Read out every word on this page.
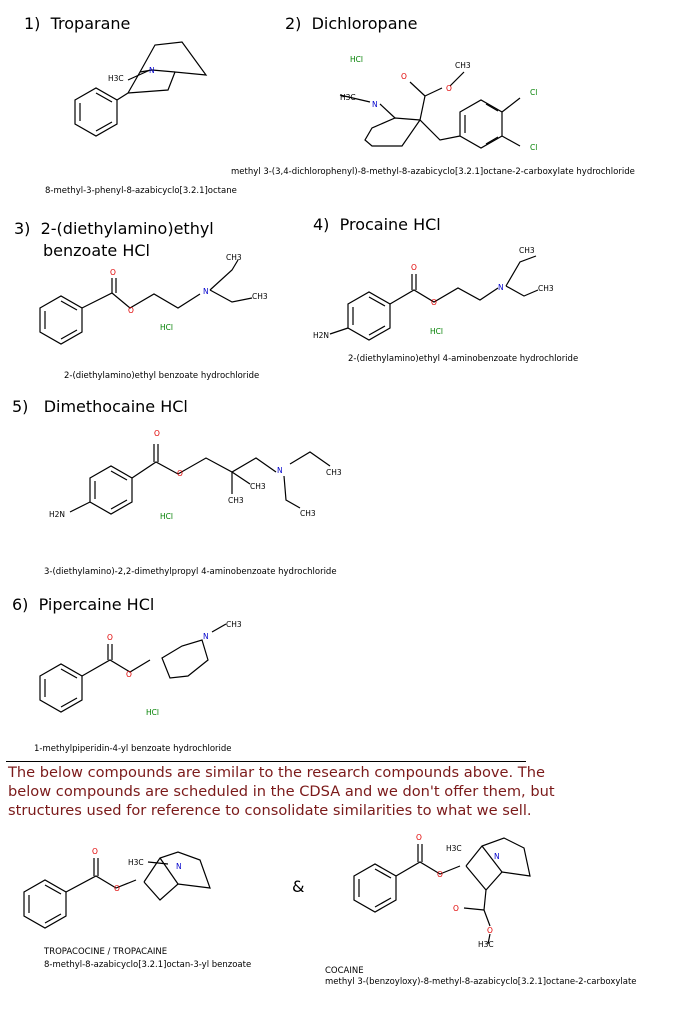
1) Troparane	2) Dichloropane
3) 2-(diethylamino)ethyl
benzoate HCl
4) Procaine HCl
5) Dimethocaine HCl
6) Pipercaine HCl
8-methyl-3-phenyl-8-azabicyclo[3.2.1]octane
methyl 3-(3,4-dichlorophenyl)-8-methyl-8-azabicyclo[3.2.1]octane-2-carboxylate hydrochloride
2-(diethylamino)ethyl benzoate hydrochloride
2-(diethylamino)ethyl 4-aminobenzoate hydrochloride
3-(diethylamino)-2,2-dimethylpropyl 4-aminobenzoate hydrochloride
1-methylpiperidin-4-yl benzoate hydrochloride
The below compounds are similar to the research compounds above. The below compounds are scheduled in the CDSA and we don't offer them, but structures used for reference to consolidate similarities to what we sell.
TROPACOCINE / TROPACAINE
8-methyl-8-azabicyclo[3.2.1]octan-3-yl benzoate
COCAINE
methyl 3-(benzoyloxy)-8-methyl-8-azabicyclo[3.2.1]octane-2-carboxylate
&
H3C
N
HCl
CH3
O
O
H3C
N
Cl
Cl
O
O
N
CH3
CH3
HCl
O
O
N
CH3
CH3
HCl
H2N
O
O	N	CH3
CH3
CH3
CH3
HCl
H2N
O
O
N
CH3
HCl
O
O
H3C	N
O
O
H3C
N
O
O
H3C
